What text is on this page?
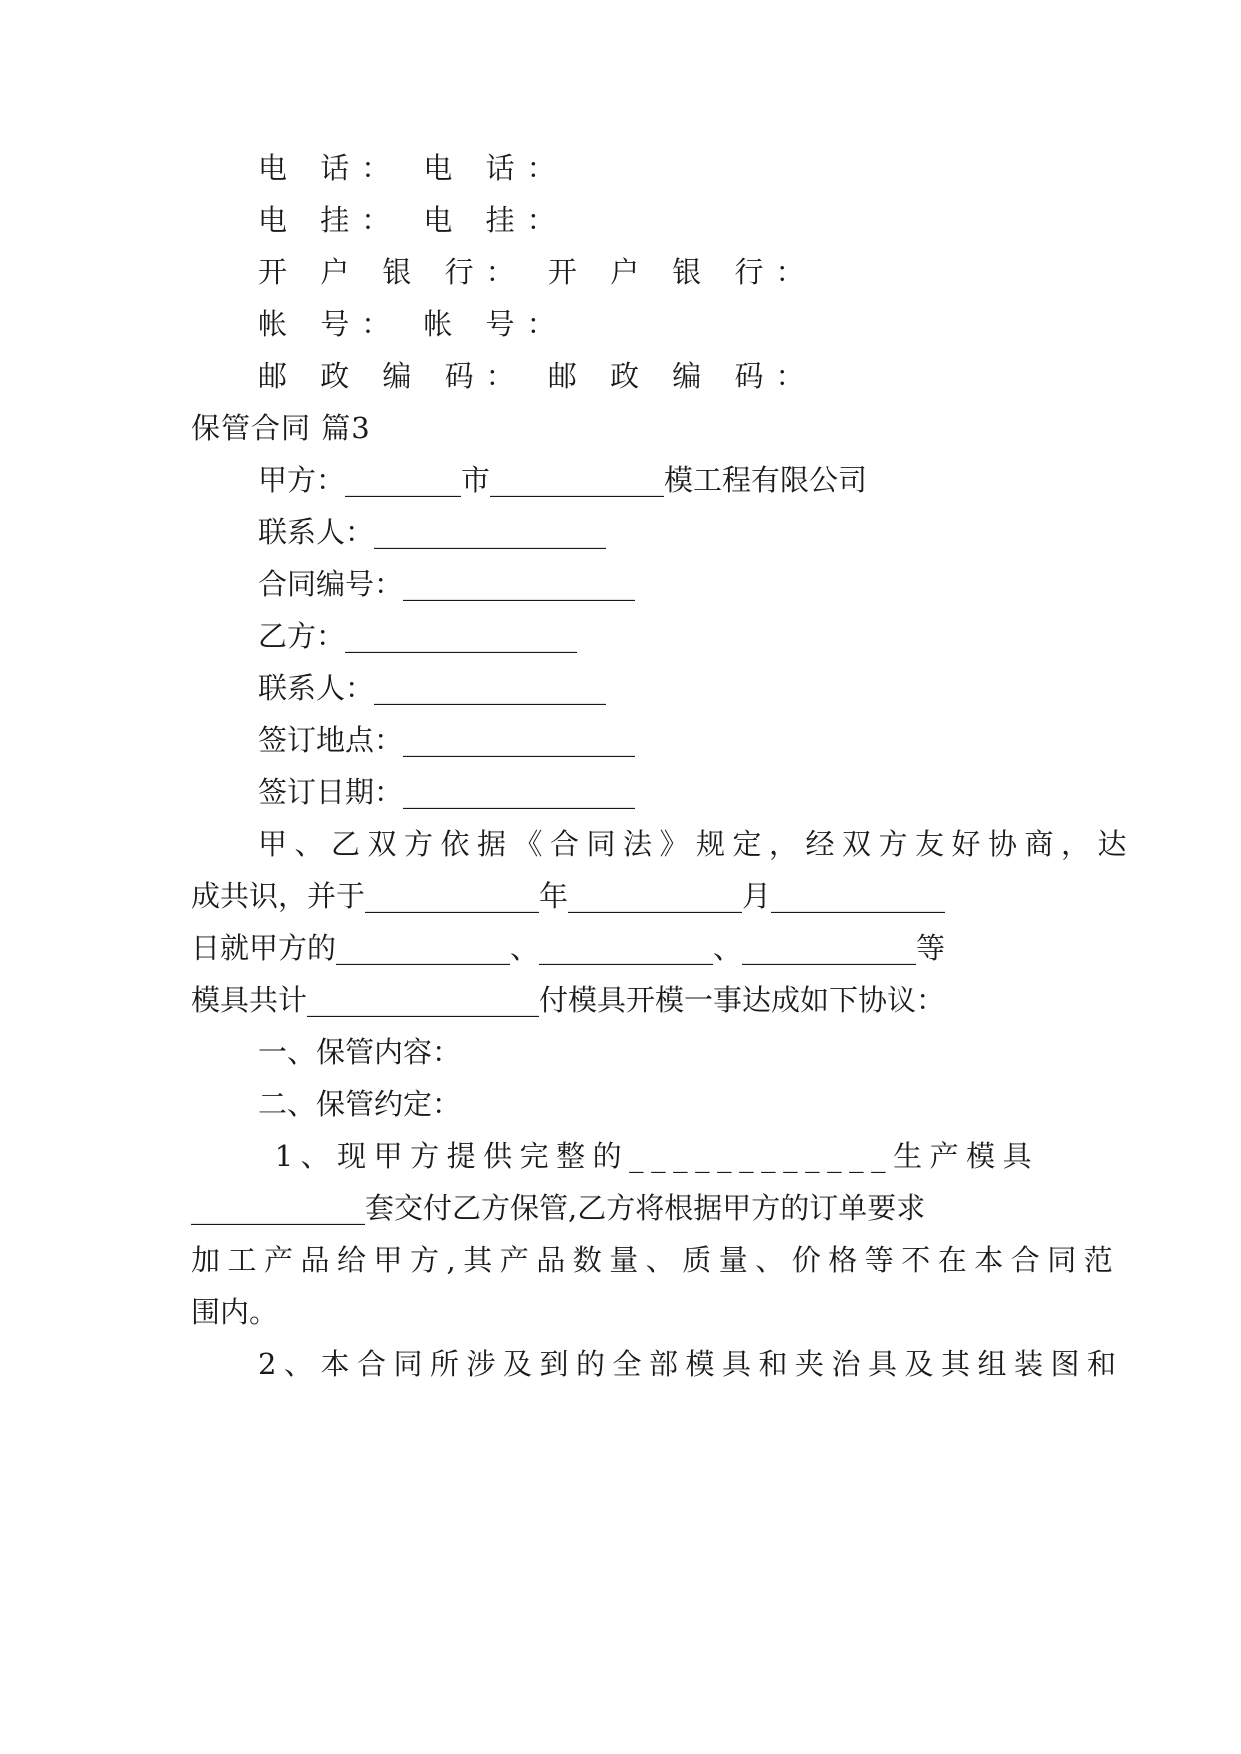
电 话： 电 话：

电 挂： 电 挂：

开 户 银 行： 开 户 银 行：

帐 号： 帐 号：

邮 政 编 码： 邮 政 编 码：

保管合同 篇3

甲方：________市____________模工程有限公司

联系人：________________

合同编号：________________

乙方：________________

联系人：________________

签订地点：________________

签订日期：________________

甲、乙双方依据《合同法》规定，经双方友好协商，达

成共识，并于____________年____________月____________

日就甲方的____________、____________、____________等

模具共计________________付模具开模一事达成如下协议：

一、保管内容：

二、保管约定：

1、现甲方提供完整的____________生产模具

____________套交付乙方保管,乙方将根据甲方的订单要求

加工产品给甲方,其产品数量、质量、价格等不在本合同范

围内。

2、本合同所涉及到的全部模具和夹治具及其组装图和
